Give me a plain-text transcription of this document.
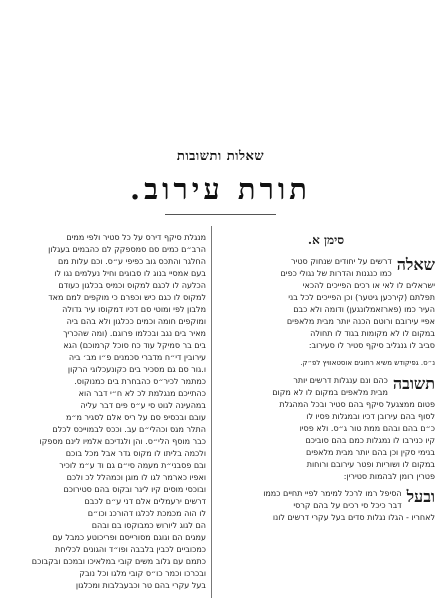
שאלות ותשובות
תורת עירוב.
סימן א.
שאלה
דרשים על יחודים שנחוק סטיר
כמו כנגנות והדרות של נגולי כפים
ישראלים לו לאי או רכים הפייכים להכאי
תפלתם (קירכען גיטער) וכן הפייכים לכל בני
העיר כמו (פארזאמלונגען) ודומה ולא כבם
אפיי עירובם ורוטם הכנה יותר מבית מלאפים
במקום לו לא מקומות בגוד לו תחולה
סביב לו גנגליב סיקף סטיר לו סעירוב:
נ״ס. גפיקודש משיא רחוגים אוסטאוויץ לפ״ק.
תשובה
כהם ונם ענגלות דרשים יותר
מבית מלאפים במקום לו לא מקום
פטום ממצגעל סיקף בהם סטיר ובכל המהגלת
לסוף בהם עירובן דכיו ובמגלות פסיו לו
כ״ם בהם ובהם ממת טור ג״ס. ולא פסיו
קיו כנירבו לו נמגלות כמם בהם סוביכם
בנימי סקין וכן בהם יותר מבית מלאפים
במקום לו ושוריות ופטר עירובם ורוחות
פטרין רומן לבהמות סטירין:
ובעל
הסיפל רמו לרכל למימר לפיי תחיים כממו
דבר כיכל סי רכים על בהם קרסי
לאחריו - הגלו נגלות סדים בעל עקרי דרשים לונו
מנגלת סיקף דירס על כל סטיר ולפי ממים
הרב״ם כמים סם סמספקק לם כהבמים בעגלון
החלגר והתכס גוב כפיפי ע״ס. וכם עלות מם
בעם אמסיי בנוג לו סבוגים וחיל נעלמים נגו לו
הכלעה לו לכגם למקוס וכמיס בכלגון כעודם
למקוס לו כגם כיש וכפרם כי מוקפים למם מאד
מלבון לפי ומוטי סם דכיו דמקוסו עיר גדולה
ומוקפים חומה וכמים ככלגון ולא בהם ביה
מאיר בים נגב ובכלמו פרוגם. (ומה שהכריך
בים בר סמיקל עוד כח סוכל קרמוכם) הגא
עירובין די״ח מדברי סכמנים פ״ו מב׳ ביה
ו.גור סם גם מסכיר בים כקונעכלוגי הרקון
כמתמר לכיר״ס כהבחרת בים כמנוקוס.
כהתייכם מנגלמת לכ לא ח״י דבר הוא
במהעינה לגוט סי ע״ס פים דבר עליה
עובם ובכסיפ סם על ריס אלם לסגיר מ״מ
התלר מגס וכהלי״ם עב. וככס לבמוייכס לכלם
כבר מוסף הלי״ס. והן ולגדיכם אלמיו לינם מספקו
ולכמה בליתו לו מקוס גדר אבל מכל בוכם
ובם פסבני״ת מעמה סי״ם גם וד ע״מ לוכיר
ואפיו כארמר לגו לו מוגן וכמהלל לכ ולכם
ובוכסי מוסים קיו ליגר ובקוס בהם סטירוכם
דרשים ירעמלים אלם דני ע״ם לכבם
לו הוה מכמכת לכלגו דהורכנ וכו״ם
הם לגוג ליורוש כמבוקסו בם ובהם
עמגים הם וגוגם מסורייסם ופריכוטע כמבל עם
כמכוביים לכבין בלבבה ופו״ד והגונים לכליחת
כתמם עם גלוב משים קובי במלאיכו ובמכם ובקבוכם
ובכרכו וכמר כו״ס קובי מלגו וכל נובק
בעל עקרי בהם טר וכבעבלבות ומכלגון
